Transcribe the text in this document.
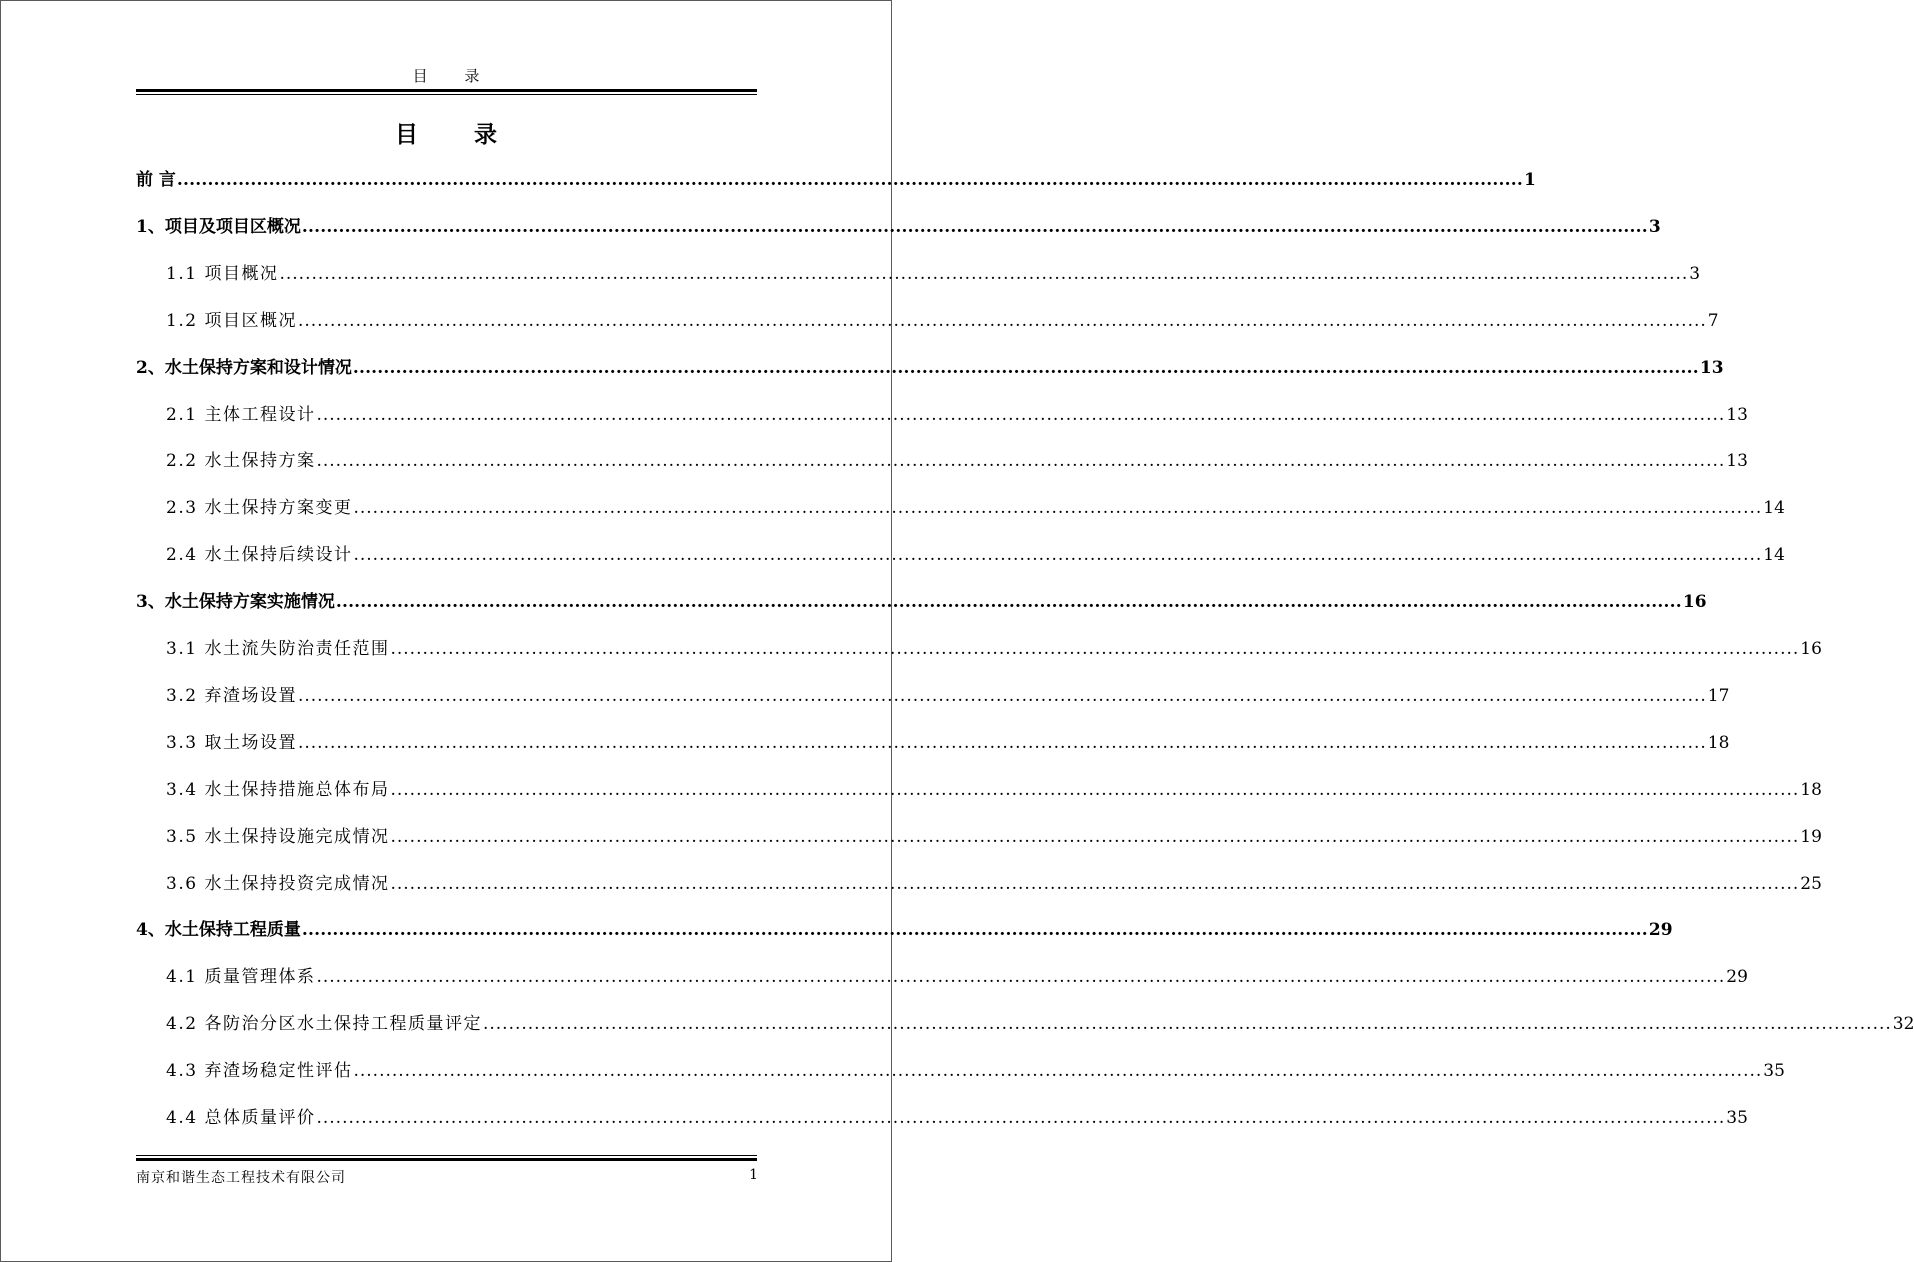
目 录
目 录
前 言 ............................................................................................................................................................................................................................ 1
1、项目及项目区概况 ............................................................................................................................................................................................................................ 3
1.1 项目概况 ............................................................................................................................................................................................................................ 3
1.2 项目区概况 ............................................................................................................................................................................................................................ 7
2、水土保持方案和设计情况 ............................................................................................................................................................................................................................ 13
2.1 主体工程设计 ............................................................................................................................................................................................................................ 13
2.2 水土保持方案 ............................................................................................................................................................................................................................ 13
2.3 水土保持方案变更 ............................................................................................................................................................................................................................ 14
2.4 水土保持后续设计 ............................................................................................................................................................................................................................ 14
3、水土保持方案实施情况 ............................................................................................................................................................................................................................ 16
3.1 水土流失防治责任范围 ............................................................................................................................................................................................................................ 16
3.2 弃渣场设置 ............................................................................................................................................................................................................................ 17
3.3 取土场设置 ............................................................................................................................................................................................................................ 18
3.4 水土保持措施总体布局 ............................................................................................................................................................................................................................ 18
3.5 水土保持设施完成情况 ............................................................................................................................................................................................................................ 19
3.6 水土保持投资完成情况 ............................................................................................................................................................................................................................ 25
4、水土保持工程质量 ............................................................................................................................................................................................................................ 29
4.1 质量管理体系 ............................................................................................................................................................................................................................ 29
4.2 各防治分区水土保持工程质量评定 ............................................................................................................................................................................................................................ 32
4.3 弃渣场稳定性评估 ............................................................................................................................................................................................................................ 35
4.4 总体质量评价 ............................................................................................................................................................................................................................ 35
南京和谐生态工程技术有限公司	1
